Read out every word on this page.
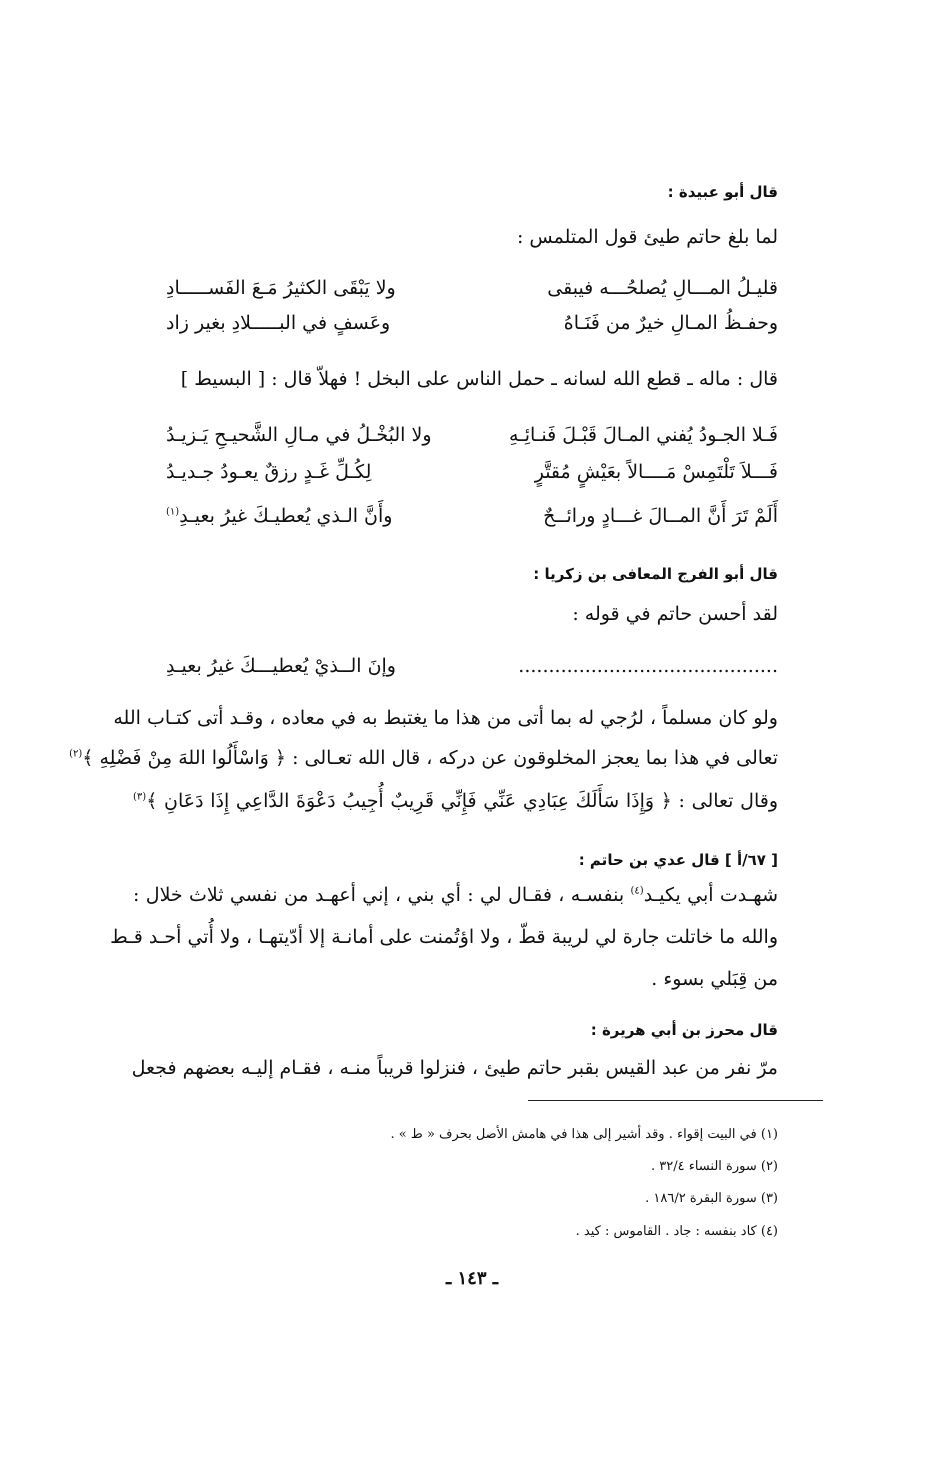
قال أبو عبيدة :
لما بلغ حاتم طيئ قول المتلمس :
قليـلُ المـــالِ يُصلحُـــه فيبقى
ولا يَبْقَى الكثيرُ مَـعَ الفَســـــادِ
وحفـظُ المـالِ خيرٌ من فَنَـاهُ
وعَسفٍ في البـــــلادِ بغير زاد
قال : ماله ـ قطع الله لسانه ـ حمل الناس على البخل ! فهلاّ قال : [ البسيط ]
فَـلا الجـودُ يُفني المـالَ قَبْـلَ فَنـائِـهِ
ولا البُخْـلُ في مـالِ الشَّحيـحِ يَـزيـدُ
فَـــلاَ تَلْتَمِسْ مَــــالاً بعَيْشٍ مُقتَّرٍ
لِكُـلِّ غَـدٍ رزقٌ يعـودُ جـديـدُ
أَلَمْ تَرَ أَنَّ المــالَ غـــادٍ ورائــحٌ
وأَنَّ الـذي يُعطيـكَ غيرُ بعيـدِ$^{(١)}$
قال أبو الفرج المعافى بن زكريا :
لقد أحسن حاتم في قوله :
...........................................
وإنَ الــذيْ يُعطيـــكَ غيرُ بعيـدِ
ولو كان مسلماً ، لرُجي له بما أتى من هذا ما يغتبط به في معاده ، وقـد أتى كتـاب الله
تعالى في هذا بما يعجز المخلوقون عن دركه ، قال الله تعـالى : ﴿ وَاسْأَلُوا اللهَ مِنْ فَضْلِهِ ﴾$^{(٢)}$
وقال تعالى : ﴿ وَإِذَا سَأَلَكَ عِبَادِي عَنِّي فَإِنِّي قَرِيبٌ أُجِيبُ دَعْوَةَ الدَّاعِي إِذَا دَعَانِ ﴾$^{(٣)}$
[ ٦٧/أ ] قال عدي بن حاتم :
شهـدت أبي يكيـد$^{(٤)}$ بنفسـه ، فقـال لي : أي بني ، إني أعهـد من نفسي ثلاث خلال :
والله ما خاتلت جارة لي لريبة قطّ ، ولا اؤتُمنت على أمانـة إلا أدّيتهـا ، ولا أُتي أحـد قـط
من قِبَلي بسوء .
قال محرز بن أبي هريرة :
مرّ نفر من عبد القيس بقبر حاتم طيئ ، فنزلوا قريباً منـه ، فقـام إليـه بعضهم فجعل
(١) في البيت إقواء . وقد أشير إلى هذا في هامش الأصل بحرف « ط » .
(٢) سورة النساء ٣٢/٤ .
(٣) سورة البقرة ١٨٦/٢ .
(٤) كاد بنفسه : جاد . القاموس : كيد .
ـ ١٤٣ ـ
